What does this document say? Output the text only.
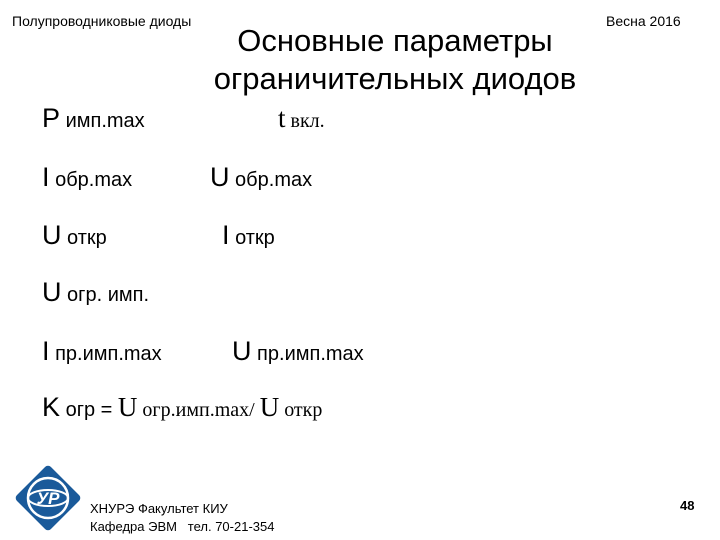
Полупроводниковые диоды	Весна 2016
Основные параметры
ограничительных диодов
P имп.max	t вкл.
I обр.max	U обр.max
U откр	I откр
U огр. имп.
I пр.имп.max	U пр.имп.max
K огр = U огр.имп.max/ U откр
УР
ХНУРЭ Факультет КИУ
Кафедра ЭВМ   тел. 70-21-354
48
